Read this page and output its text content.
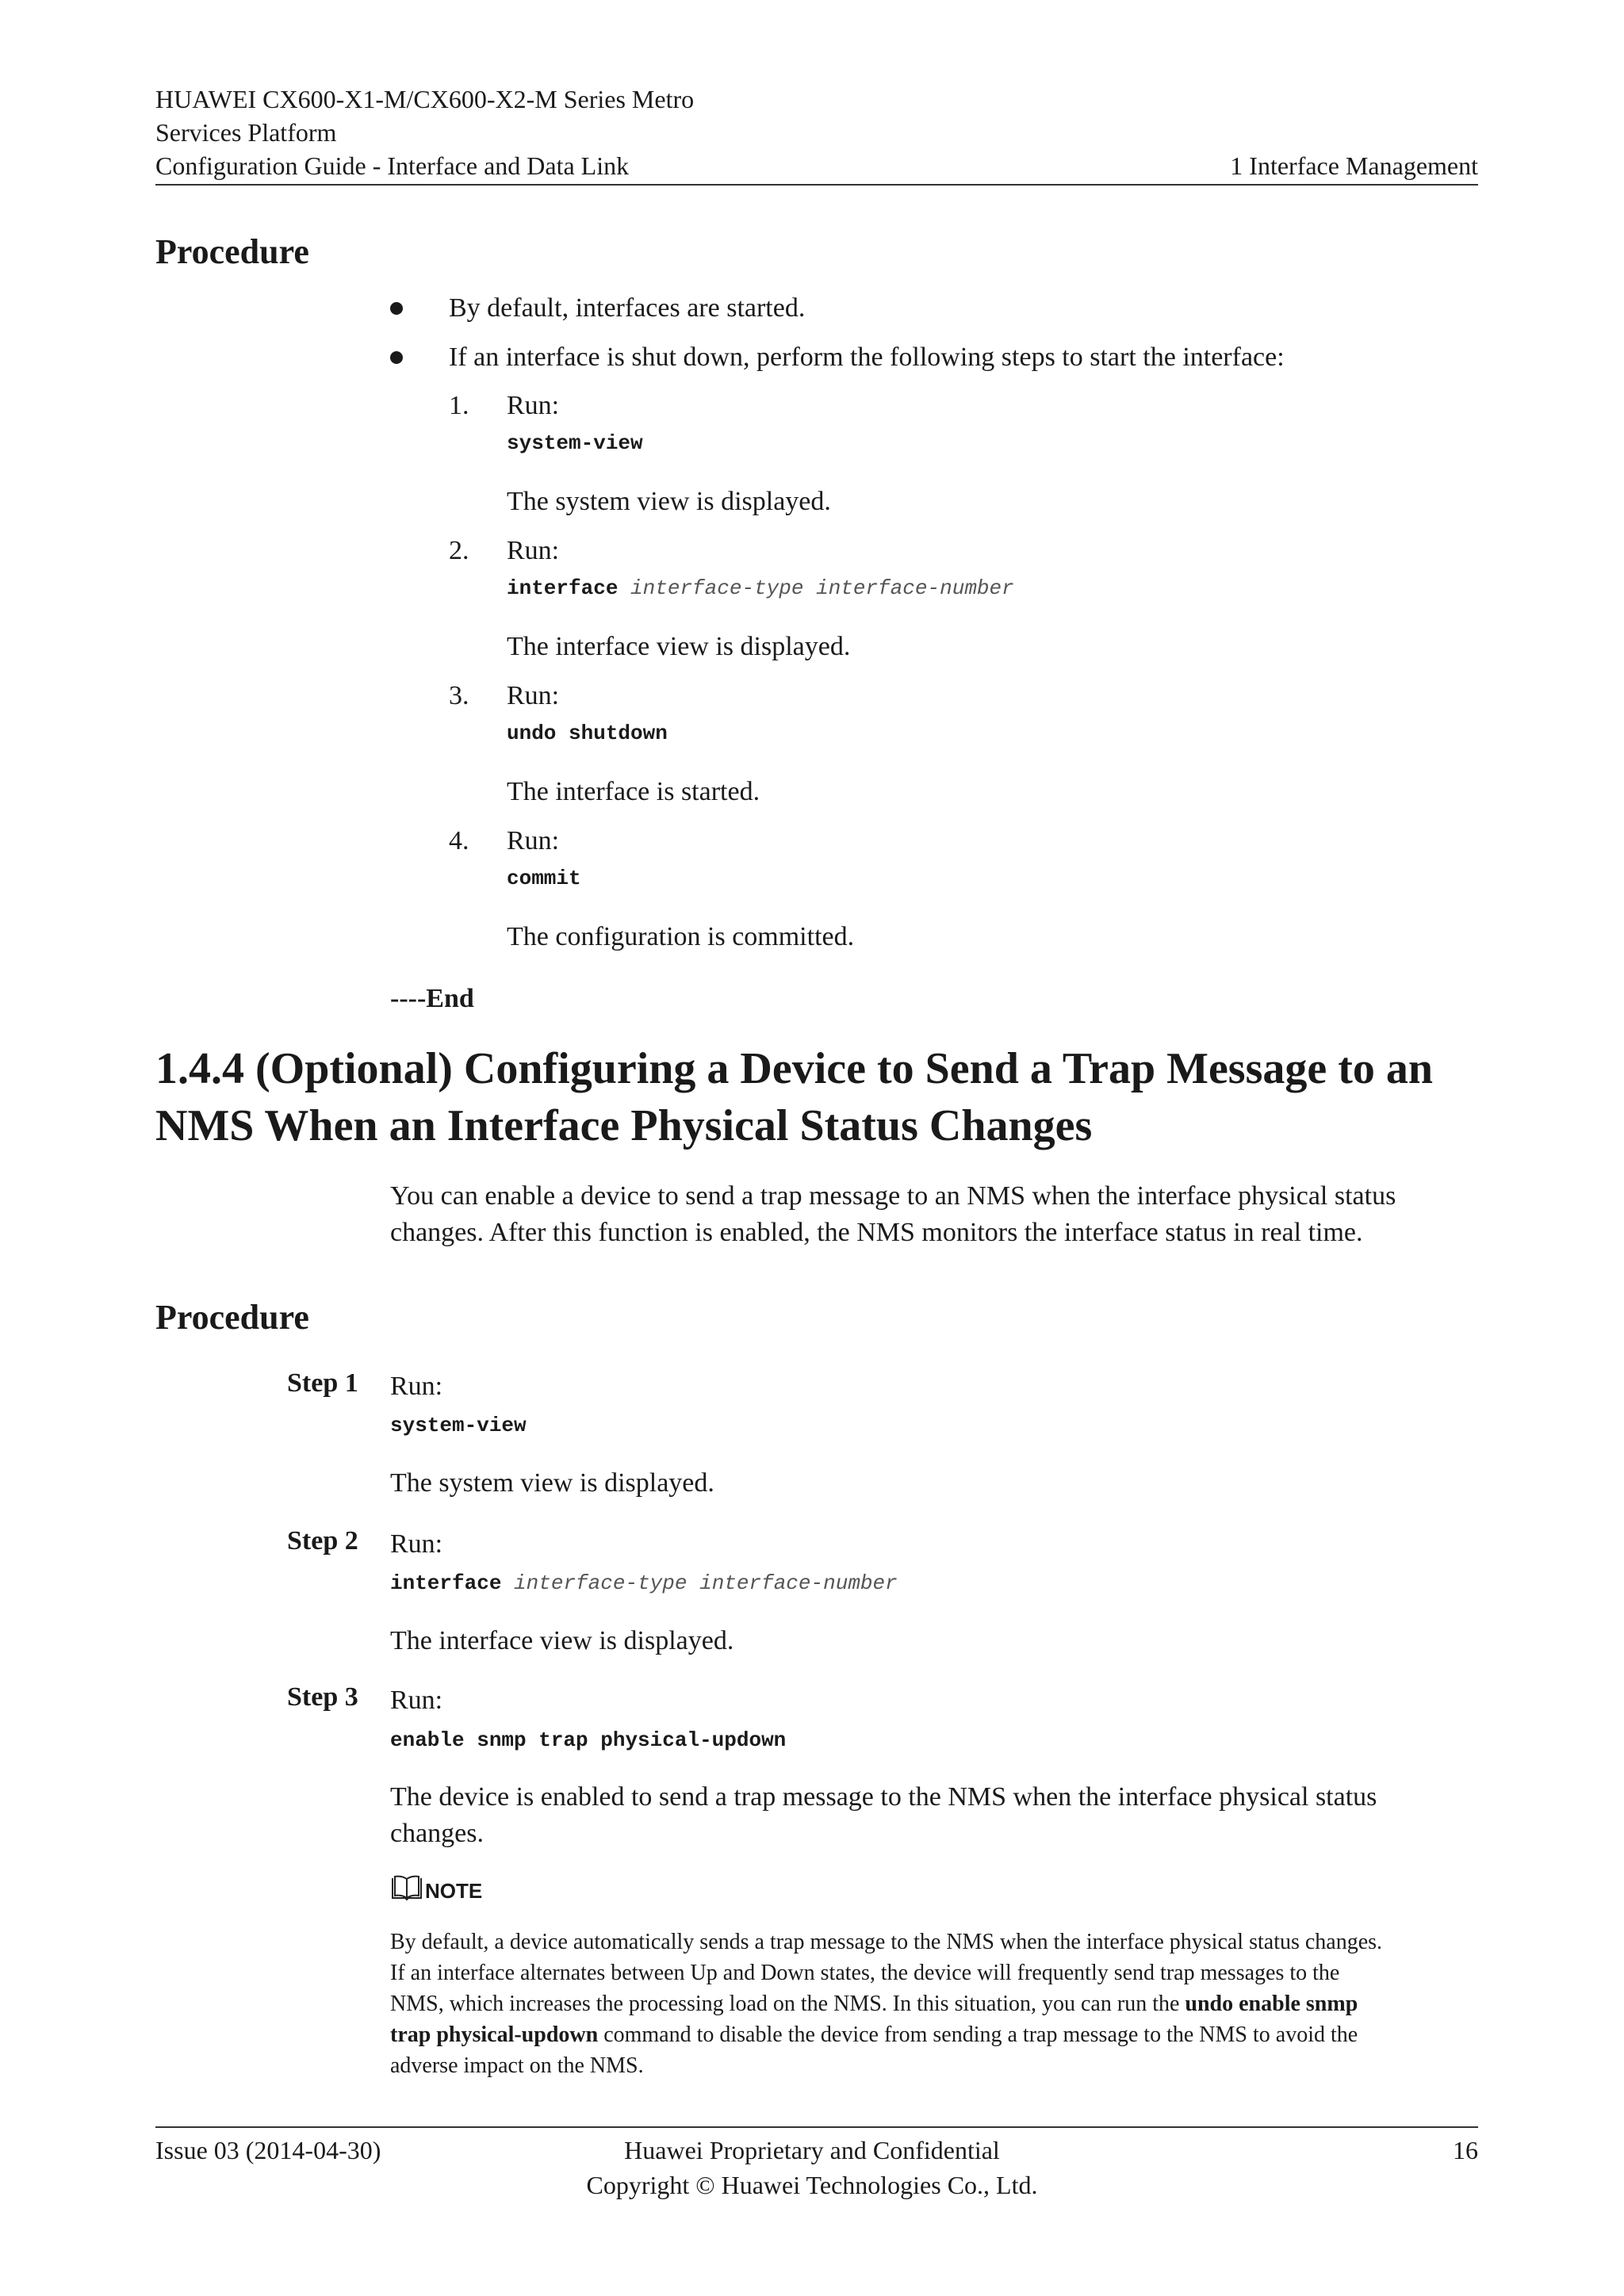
HUAWEI CX600-X1-M/CX600-X2-M Series Metro
Services Platform
Configuration Guide - Interface and Data Link	1 Interface Management
Procedure
By default, interfaces are started.
If an interface is shut down, perform the following steps to start the interface:
1. Run:
system-view
The system view is displayed.
2. Run:
interface interface-type interface-number
The interface view is displayed.
3. Run:
undo shutdown
The interface is started.
4. Run:
commit
The configuration is committed.
----End
1.4.4 (Optional) Configuring a Device to Send a Trap Message to an
NMS When an Interface Physical Status Changes
You can enable a device to send a trap message to an NMS when the interface physical status
changes. After this function is enabled, the NMS monitors the interface status in real time.
Procedure
Step 1 Run:
system-view
The system view is displayed.
Step 2 Run:
interface interface-type interface-number
The interface view is displayed.
Step 3 Run:
enable snmp trap physical-updown
The device is enabled to send a trap message to the NMS when the interface physical status
changes.
NOTE
By default, a device automatically sends a trap message to the NMS when the interface physical status changes.
If an interface alternates between Up and Down states, the device will frequently send trap messages to the
NMS, which increases the processing load on the NMS. In this situation, you can run the undo enable snmp
trap physical-updown command to disable the device from sending a trap message to the NMS to avoid the
adverse impact on the NMS.
Issue 03 (2014-04-30)	Huawei Proprietary and Confidential
Copyright © Huawei Technologies Co., Ltd.
16
